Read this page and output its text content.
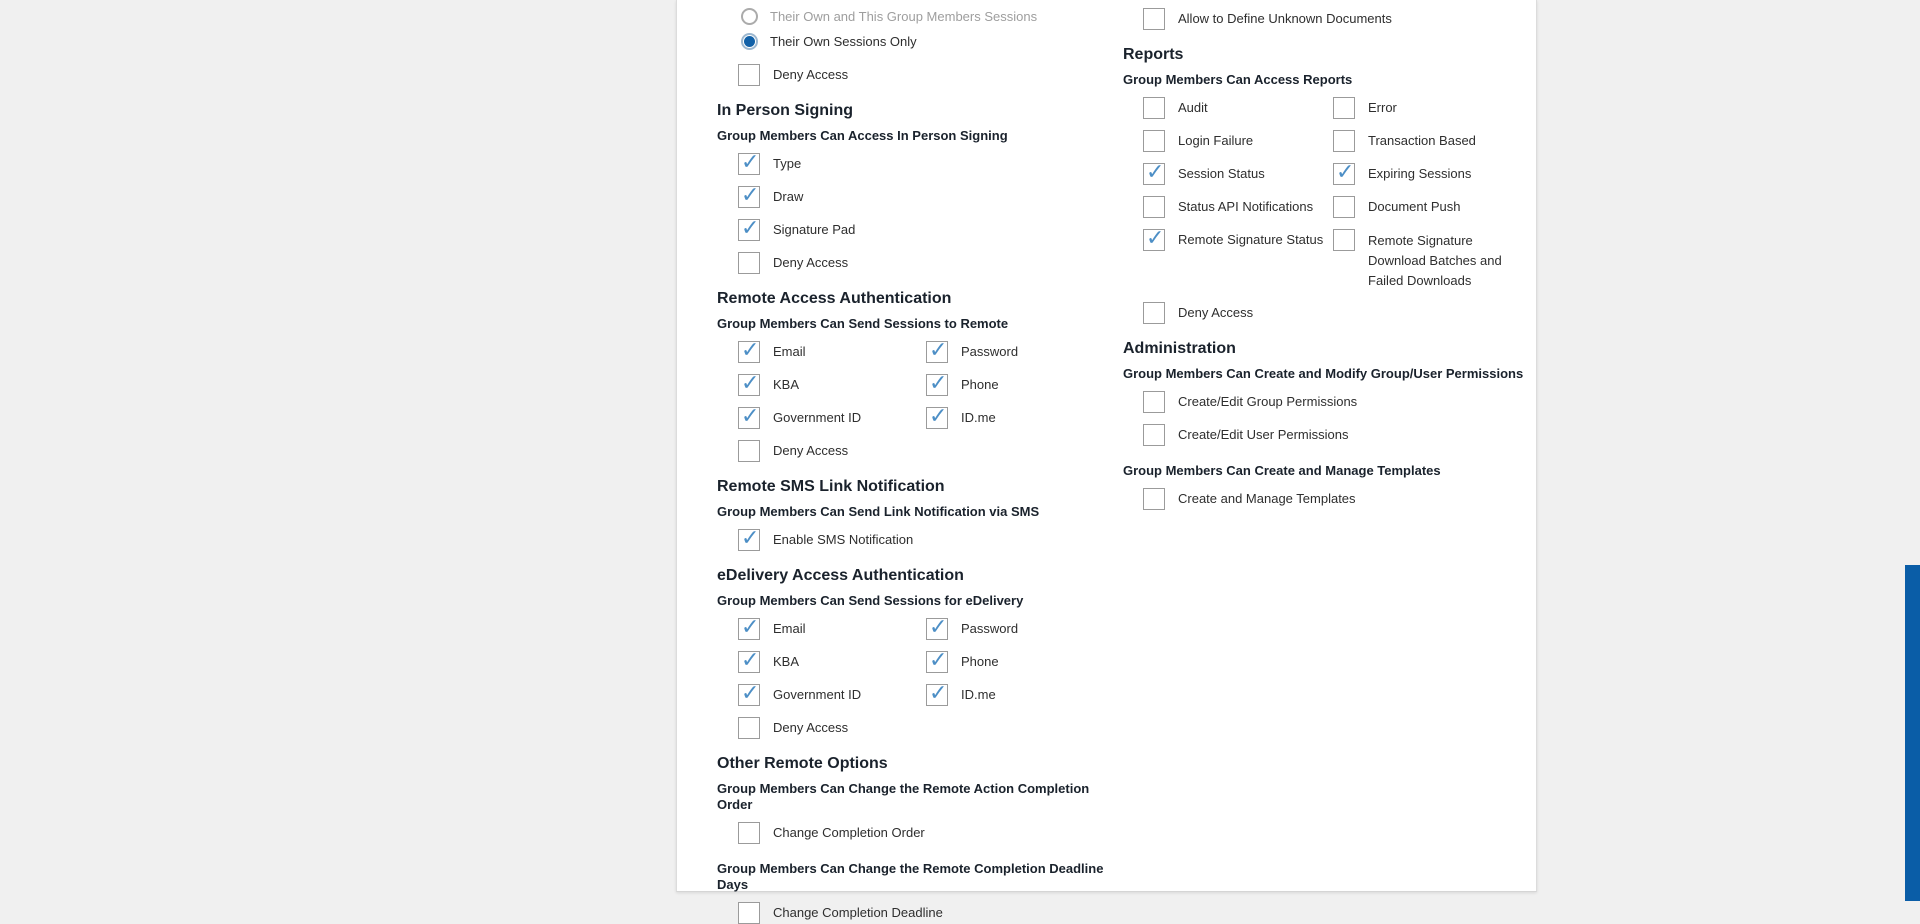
Their Own and This Group Members Sessions
Their Own Sessions Only
Deny Access
In Person Signing
Group Members Can Access In Person Signing
✓ Type
✓ Draw
✓ Signature Pad
Deny Access
Remote Access Authentication
Group Members Can Send Sessions to Remote
✓ Email	✓ Password
✓ KBA	✓ Phone
✓ Government ID	✓ ID.me
Deny Access
Remote SMS Link Notification
Group Members Can Send Link Notification via SMS
✓ Enable SMS Notification
eDelivery Access Authentication
Group Members Can Send Sessions for eDelivery
✓ Email	✓ Password
✓ KBA	✓ Phone
✓ Government ID	✓ ID.me
Deny Access
Other Remote Options
Group Members Can Change the Remote Action Completion Order
Change Completion Order
Group Members Can Change the Remote Completion Deadline Days
Change Completion Deadline
Allow to Define Unknown Documents
Reports
Group Members Can Access Reports
Audit	Error
Login Failure	Transaction Based
✓ Session Status	✓ Expiring Sessions
Status API Notifications	Document Push
✓ Remote Signature Status	Remote Signature Download Batches and Failed Downloads
Deny Access
Administration
Group Members Can Create and Modify Group/User Permissions
Create/Edit Group Permissions
Create/Edit User Permissions
Group Members Can Create and Manage Templates
Create and Manage Templates
